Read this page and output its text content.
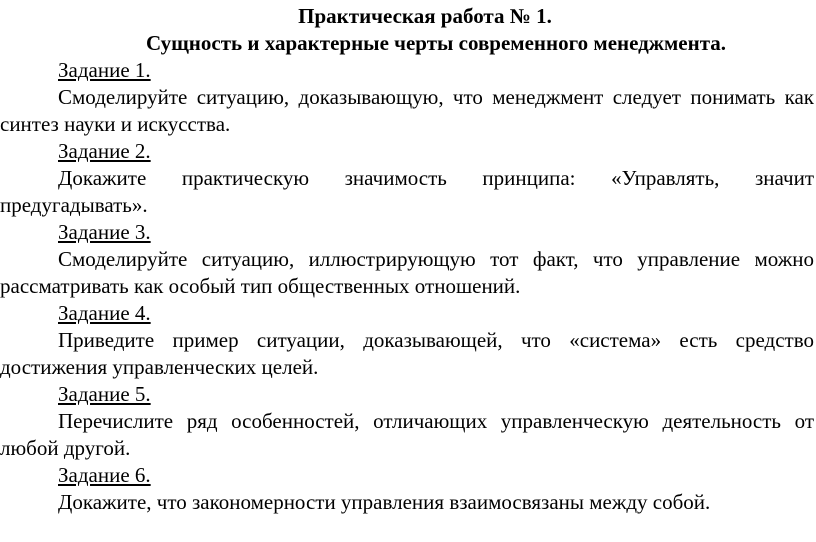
Практическая работа № 1.

Сущность и характерные черты современного менеджмента.

Задание 1.

Смоделируйте ситуацию, доказывающую, что менеджмент следует понимать как синтез науки и искусства.

Задание 2.

Докажите практическую значимость принципа: «Управлять, значит предугадывать».

Задание 3.

Смоделируйте ситуацию, иллюстрирующую тот факт, что управление можно рассматривать как особый тип общественных отношений.

Задание 4.

Приведите пример ситуации, доказывающей, что «система» есть средство достижения управленческих целей.

Задание 5.

Перечислите ряд особенностей, отличающих управленческую деятельность от любой другой.

Задание 6.

Докажите, что закономерности управления взаимосвязаны между собой.
